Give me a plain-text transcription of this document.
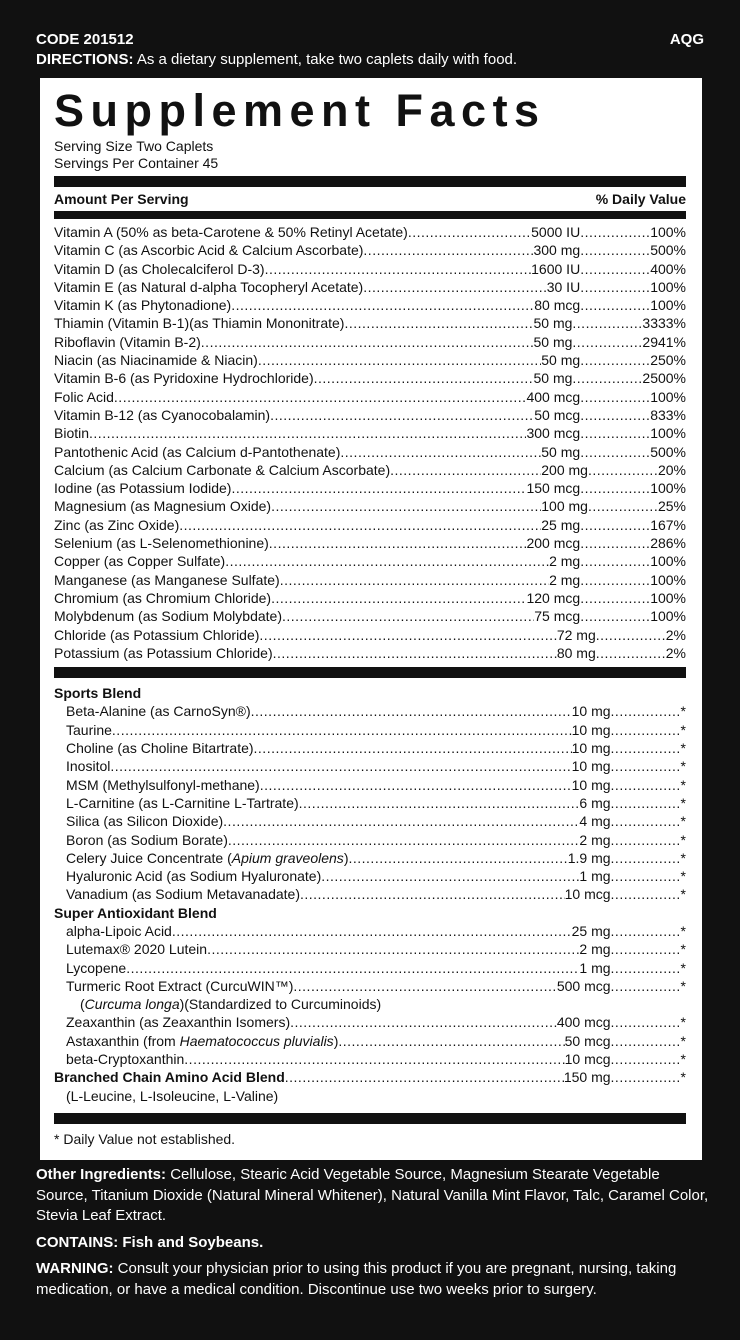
CODE 201512	AQG
DIRECTIONS: As a dietary supplement, take two caplets daily with food.
Supplement Facts
Serving Size Two Caplets
Servings Per Container 45
Amount Per Serving	% Daily Value
Vitamin A (50% as beta-Carotene & 50% Retinyl Acetate) .....	5000 IU .....	100%
Vitamin C (as Ascorbic Acid & Calcium Ascorbate) .....	300 mg .....	500%
Vitamin D (as Cholecalciferol D-3) .....	1600 IU .....	400%
Vitamin E (as Natural d-alpha Tocopheryl Acetate) .....	30 IU .....	100%
Vitamin K (as Phytonadione) .....	80 mcg .....	100%
Thiamin (Vitamin B-1)(as Thiamin Mononitrate) .....	50 mg .....	3333%
Riboflavin (Vitamin B-2) .....	50 mg .....	2941%
Niacin (as Niacinamide & Niacin) .....	50 mg .....	250%
Vitamin B-6 (as Pyridoxine Hydrochloride) .....	50 mg .....	2500%
Folic Acid .....	400 mcg .....	100%
Vitamin B-12 (as Cyanocobalamin) .....	50 mcg .....	833%
Biotin .....	300 mcg .....	100%
Pantothenic Acid (as Calcium d-Pantothenate) .....	50 mg .....	500%
Calcium (as Calcium Carbonate & Calcium Ascorbate) .....	200 mg .....	20%
Iodine (as Potassium Iodide) .....	150 mcg .....	100%
Magnesium (as Magnesium Oxide) .....	100 mg .....	25%
Zinc (as Zinc Oxide) .....	25 mg .....	167%
Selenium (as L-Selenomethionine) .....	200 mcg .....	286%
Copper (as Copper Sulfate) .....	2 mg .....	100%
Manganese (as Manganese Sulfate) .....	2 mg .....	100%
Chromium (as Chromium Chloride) .....	120 mcg .....	100%
Molybdenum (as Sodium Molybdate) .....	75 mcg .....	100%
Chloride (as Potassium Chloride) .....	72 mg .....	2%
Potassium (as Potassium Chloride) .....	80 mg .....	2%
Sports Blend
Beta-Alanine (as CarnoSyn®) .....	10 mg .....	*
Taurine .....	10 mg .....	*
Choline (as Choline Bitartrate) .....	10 mg .....	*
Inositol .....	10 mg .....	*
MSM (Methylsulfonyl-methane) .....	10 mg .....	*
L-Carnitine (as L-Carnitine L-Tartrate) .....	6 mg .....	*
Silica (as Silicon Dioxide) .....	4 mg .....	*
Boron (as Sodium Borate) .....	2 mg .....	*
Celery Juice Concentrate (Apium graveolens) .....	1.9 mg .....	*
Hyaluronic Acid (as Sodium Hyaluronate) .....	1 mg .....	*
Vanadium (as Sodium Metavanadate) .....	10 mcg .....	*
Super Antioxidant Blend
alpha-Lipoic Acid .....	25 mg .....	*
Lutemax® 2020 Lutein .....	2 mg .....	*
Lycopene .....	1 mg .....	*
Turmeric Root Extract (CurcuWIN™) .....	500 mcg .....	*
(Curcuma longa)(Standardized to Curcuminoids)
Zeaxanthin (as Zeaxanthin Isomers) .....	400 mcg .....	*
Astaxanthin (from Haematococcus pluvialis) .....	50 mcg .....	*
beta-Cryptoxanthin .....	10 mcg .....	*
Branched Chain Amino Acid Blend .....	150 mg .....	*
(L-Leucine, L-Isoleucine, L-Valine)
* Daily Value not established.

Other Ingredients: Cellulose, Stearic Acid Vegetable Source, Magnesium Stearate Vegetable Source, Titanium Dioxide (Natural Mineral Whitener), Natural Vanilla Mint Flavor, Talc, Caramel Color, Stevia Leaf Extract.

CONTAINS: Fish and Soybeans.

WARNING: Consult your physician prior to using this product if you are pregnant, nursing, taking medication, or have a medical condition. Discontinue use two weeks prior to surgery.
